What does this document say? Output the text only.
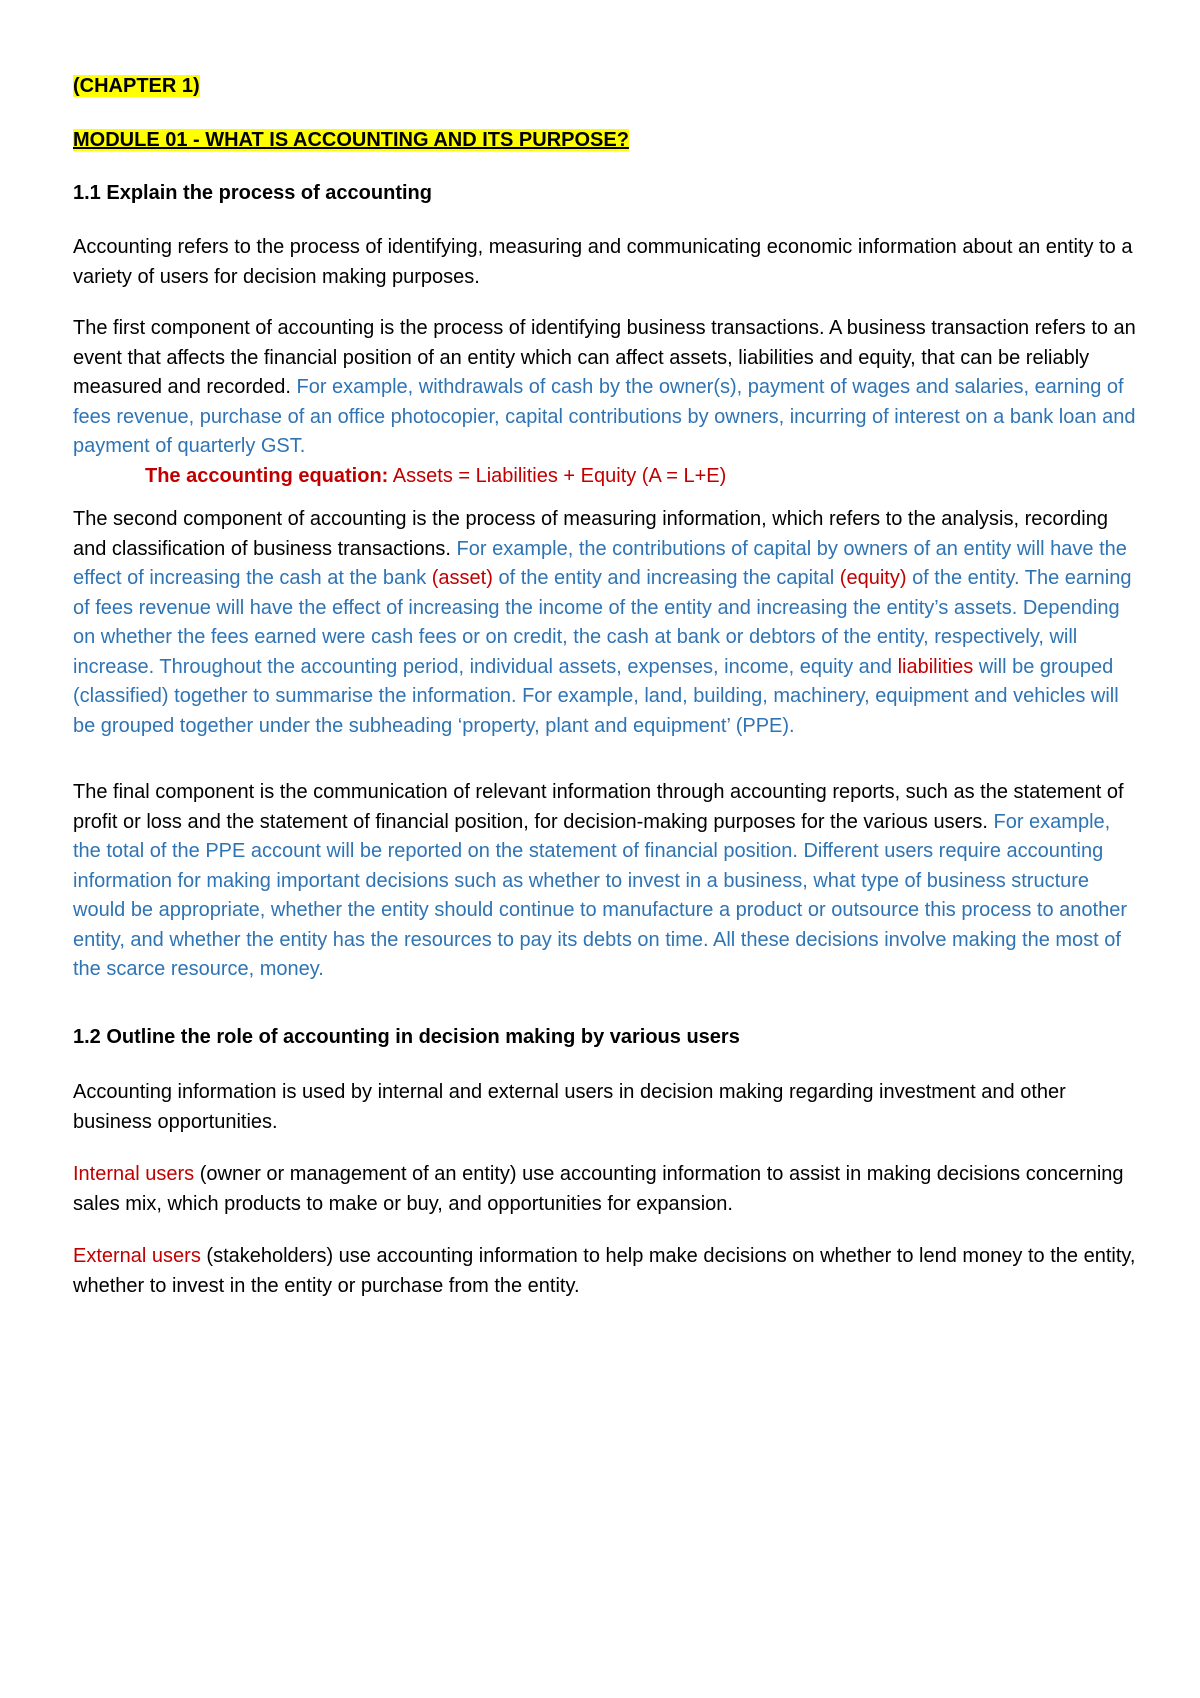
(CHAPTER 1)

MODULE 01 - WHAT IS ACCOUNTING AND ITS PURPOSE?

1.1 Explain the process of accounting

Accounting refers to the process of identifying, measuring and communicating economic information about an entity to a variety of users for decision making purposes.

The first component of accounting is the process of identifying business transactions. A business transaction refers to an event that affects the financial position of an entity which can affect assets, liabilities and equity, that can be reliably measured and recorded. For example, withdrawals of cash by the owner(s), payment of wages and salaries, earning of fees revenue, purchase of an office photocopier, capital contributions by owners, incurring of interest on a bank loan and payment of quarterly GST.
The accounting equation: Assets = Liabilities + Equity (A = L+E)

The second component of accounting is the process of measuring information, which refers to the analysis, recording and classification of business transactions. For example, the contributions of capital by owners of an entity will have the effect of increasing the cash at the bank (asset) of the entity and increasing the capital (equity) of the entity. The earning of fees revenue will have the effect of increasing the income of the entity and increasing the entity’s assets. Depending on whether the fees earned were cash fees or on credit, the cash at bank or debtors of the entity, respectively, will increase. Throughout the accounting period, individual assets, expenses, income, equity and liabilities will be grouped (classified) together to summarise the information. For example, land, building, machinery, equipment and vehicles will be grouped together under the subheading ‘property, plant and equipment’ (PPE).

The final component is the communication of relevant information through accounting reports, such as the statement of profit or loss and the statement of financial position, for decision-making purposes for the various users. For example, the total of the PPE account will be reported on the statement of financial position. Different users require accounting information for making important decisions such as whether to invest in a business, what type of business structure would be appropriate, whether the entity should continue to manufacture a product or outsource this process to another entity, and whether the entity has the resources to pay its debts on time. All these decisions involve making the most of the scarce resource, money.

1.2 Outline the role of accounting in decision making by various users

Accounting information is used by internal and external users in decision making regarding investment and other business opportunities.

Internal users (owner or management of an entity) use accounting information to assist in making decisions concerning sales mix, which products to make or buy, and opportunities for expansion.

External users (stakeholders) use accounting information to help make decisions on whether to lend money to the entity, whether to invest in the entity or purchase from the entity.
